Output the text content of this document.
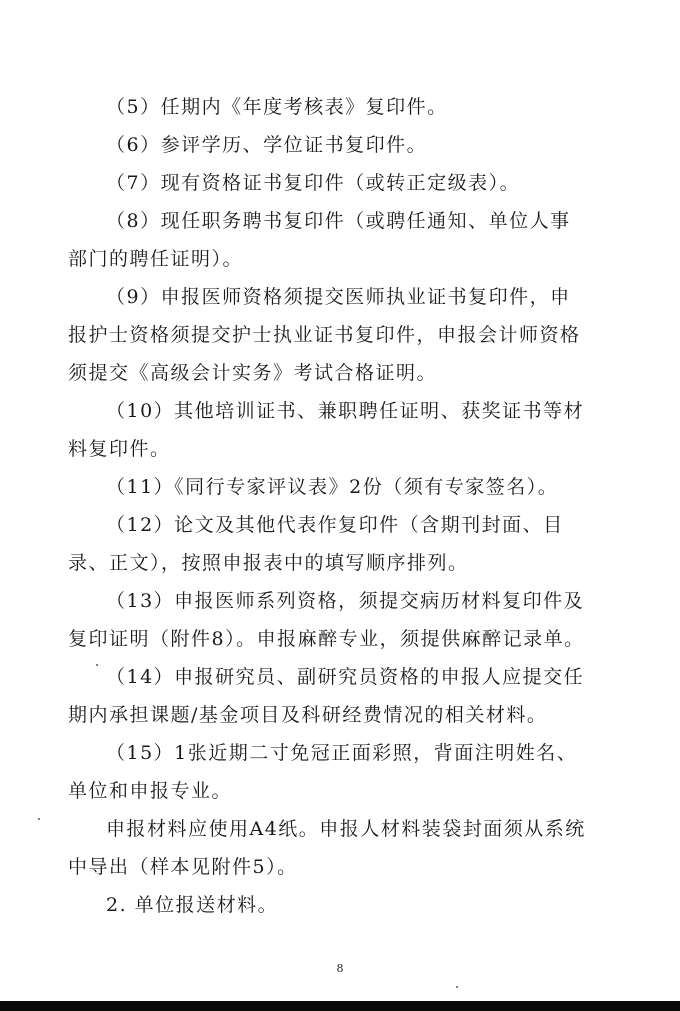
（5）任期内《年度考核表》复印件。

（6）参评学历、学位证书复印件。

（7）现有资格证书复印件（或转正定级表）。

（8）现任职务聘书复印件（或聘任通知、单位人事部门的聘任证明）。

（9）申报医师资格须提交医师执业证书复印件，申报护士资格须提交护士执业证书复印件，申报会计师资格须提交《高级会计实务》考试合格证明。

（10）其他培训证书、兼职聘任证明、获奖证书等材料复印件。

（11）《同行专家评议表》2份（须有专家签名）。

（12）论文及其他代表作复印件（含期刊封面、目录、正文），按照申报表中的填写顺序排列。

（13）申报医师系列资格，须提交病历材料复印件及复印证明（附件8）。申报麻醉专业，须提供麻醉记录单。

（14）申报研究员、副研究员资格的申报人应提交任期内承担课题/基金项目及科研经费情况的相关材料。

（15）1张近期二寸免冠正面彩照，背面注明姓名、单位和申报专业。

申报材料应使用A4纸。申报人材料装袋封面须从系统中导出（样本见附件5）。

2. 单位报送材料。

8
